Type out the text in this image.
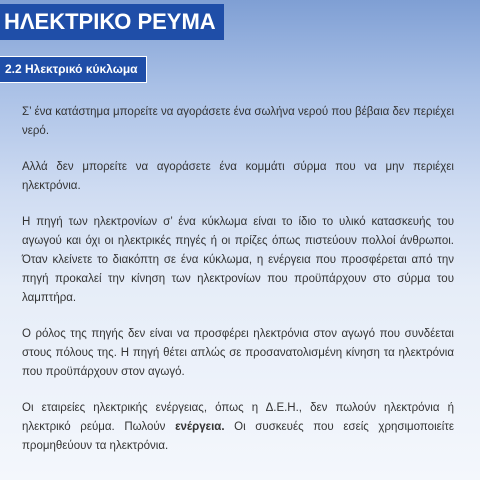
ΗΛΕΚΤΡΙΚΟ ΡΕΥΜΑ
2.2 Ηλεκτρικό κύκλωμα

Σ’ ένα κατάστημα μπορείτε να αγοράσετε ένα σωλήνα νερού που βέβαια δεν περιέχει νερό.

Αλλά δεν μπορείτε να αγοράσετε ένα κομμάτι σύρμα που να μην περιέχει ηλεκτρόνια.

Η πηγή των ηλεκτρονίων σ’ ένα κύκλωμα είναι το ίδιο το υλικό κατασκευής του αγωγού και όχι οι ηλεκτρικές πηγές ή οι πρίζες όπως πιστεύουν πολλοί άνθρωποι. Όταν κλείνετε το διακόπτη σε ένα κύκλωμα, η ενέργεια που προσφέρεται από την πηγή προκαλεί την κίνηση των ηλεκτρονίων που προϋπάρχουν στο σύρμα του λαμπτήρα.

Ο ρόλος της πηγής δεν είναι να προσφέρει ηλεκτρόνια στον αγωγό που συνδέεται στους πόλους της. Η πηγή θέτει απλώς σε προσανατολισμένη κίνηση τα ηλεκτρόνια που προϋπάρχουν στον αγωγό.

Οι εταιρείες ηλεκτρικής ενέργειας, όπως η Δ.Ε.Η., δεν πωλούν ηλεκτρόνια ή ηλεκτρικό ρεύμα. Πωλούν ενέργεια. Οι συσκευές που εσείς χρησιμοποιείτε προμηθεύουν τα ηλεκτρόνια.
